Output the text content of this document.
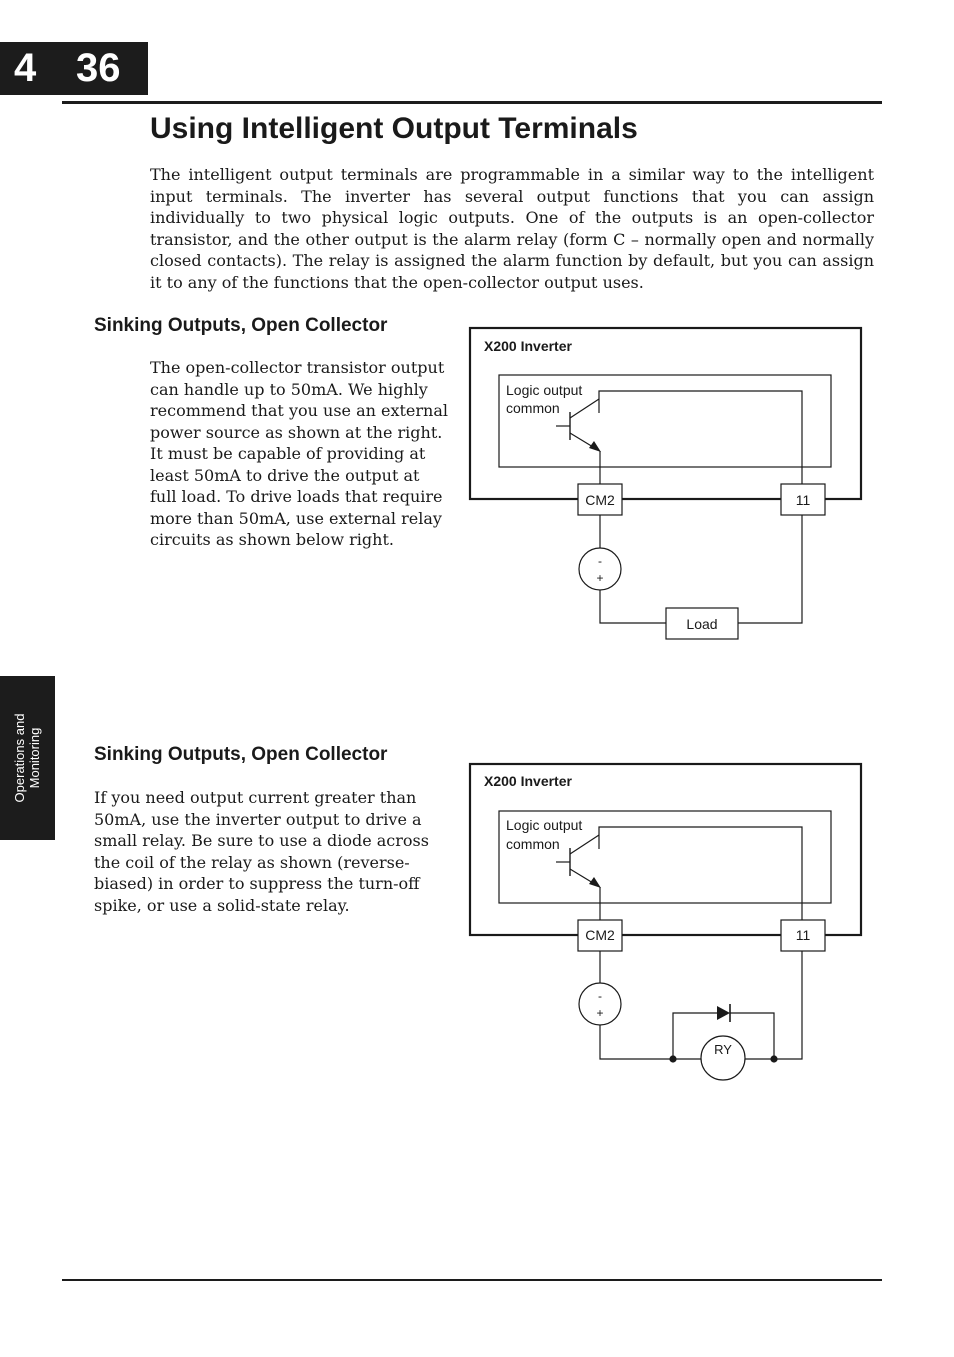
4 36
Using Intelligent Output Terminals

The intelligent output terminals are programmable in a similar way to the intelligent input terminals. The inverter has several output functions that you can assign individually to two physical logic outputs. One of the outputs is an open-collector transistor, and the other output is the alarm relay (form C – normally open and normally closed contacts). The relay is assigned the alarm function by default, but you can assign it to any of the functions that the open-collector output uses.

Sinking Outputs, Open Collector

The open-collector transistor output can handle up to 50mA. We highly recommend that you use an external power source as shown at the right. It must be capable of providing at least 50mA to drive the output at full load. To drive loads that require more than 50mA, use external relay circuits as shown below right.

X200 Inverter
Logic output
common
CM2	11
-
+
Load
Operations and
Monitoring	Sinking Outputs, Open Collector

If you need output current greater than 50mA, use the inverter output to drive a small relay. Be sure to use a diode across the coil of the relay as shown (reverse-biased) in order to suppress the turn-off spike, or use a solid-state relay.

X200 Inverter
Logic output
common
CM2	11
-
+
RY
